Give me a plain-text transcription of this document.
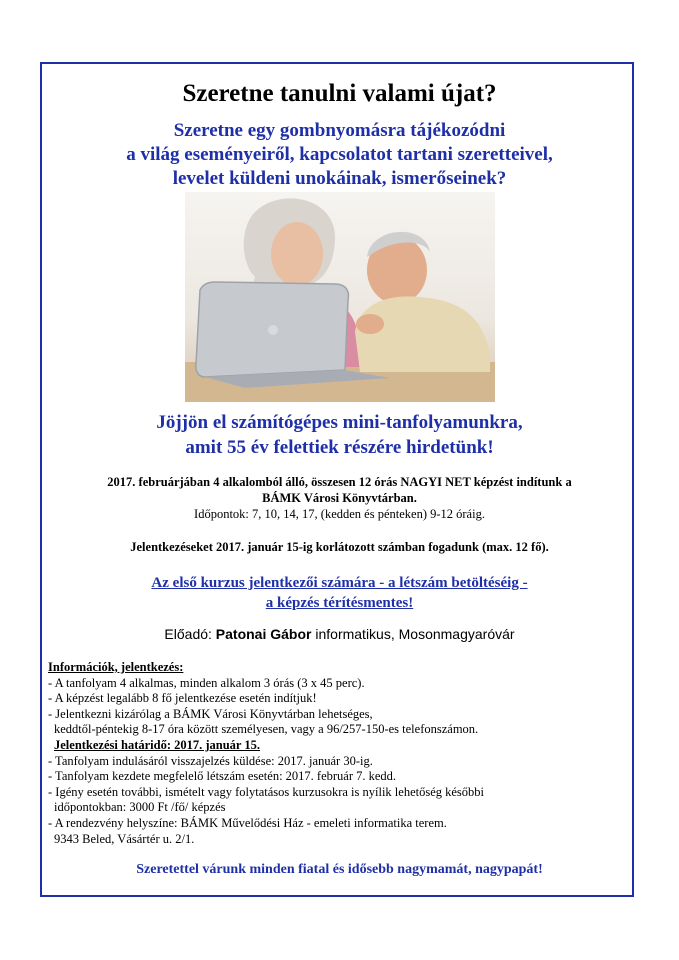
Szeretne tanulni valami újat?
Szeretne egy gombnyomásra tájékozódni
a világ eseményeiről, kapcsolatot tartani szeretteivel,
levelet küldeni unokáinak, ismerőseinek?
Jöjjön el számítógépes mini-tanfolyamunkra,
amit 55 év felettiek részére hirdetünk!
2017. februárjában 4 alkalomból álló, összesen 12 órás NAGYI NET képzést indítunk a
BÁMK Városi Könyvtárban.
Időpontok: 7, 10, 14, 17, (kedden és pénteken) 9-12 óráig.
Jelentkezéseket 2017. január 15-ig korlátozott számban fogadunk (max. 12 fő).
Az első kurzus jelentkezői számára - a létszám betöltéséig -
a képzés térítésmentes!
Előadó: Patonai Gábor informatikus, Mosonmagyaróvár
Információk, jelentkezés:
- A tanfolyam 4 alkalmas, minden alkalom 3 órás (3 x 45 perc).
- A képzést legalább 8 fő jelentkezése esetén indítjuk!
- Jelentkezni kizárólag a BÁMK Városi Könyvtárban lehetséges,
keddtől-péntekig 8-17 óra között személyesen, vagy a 96/257-150-es telefonszámon.
Jelentkezési határidő: 2017. január 15.
- Tanfolyam indulásáról visszajelzés küldése: 2017. január 30-ig.
- Tanfolyam kezdete megfelelő létszám esetén: 2017. február 7. kedd.
- Igény esetén további, ismételt vagy folytatásos kurzusokra is nyílik lehetőség későbbi
időpontokban: 3000 Ft /fő/ képzés
- A rendezvény helyszíne: BÁMK Művelődési Ház - emeleti informatika terem.
9343 Beled, Vásártér u. 2/1.
Szeretettel várunk minden fiatal és idősebb nagymamát, nagypapát!
